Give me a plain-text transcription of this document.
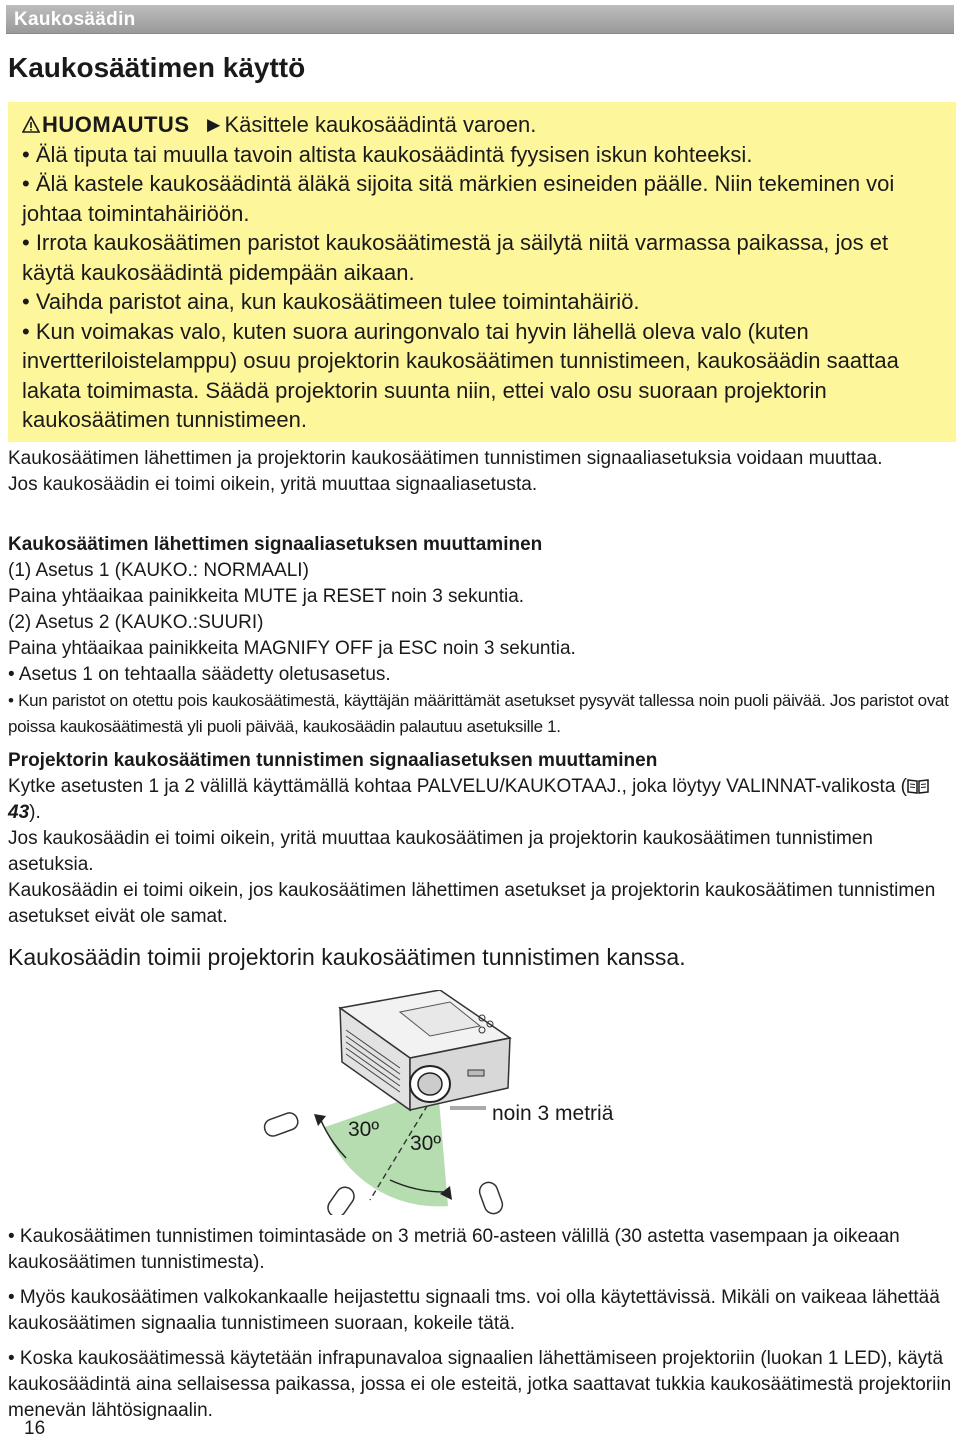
Kaukosäädin
Kaukosäätimen käyttö

HUOMAUTUS ►Käsittele kaukosäädintä varoen.

• Älä tiputa tai muulla tavoin altista kaukosäädintä fyysisen iskun kohteeksi.

• Älä kastele kaukosäädintä äläkä sijoita sitä märkien esineiden päälle. Niin tekeminen voi johtaa toimintahäiriöön.

• Irrota kaukosäätimen paristot kaukosäätimestä ja säilytä niitä varmassa paikassa, jos et käytä kaukosäädintä pidempään aikaan.

• Vaihda paristot aina, kun kaukosäätimeen tulee toimintahäiriö.

• Kun voimakas valo, kuten suora auringonvalo tai hyvin lähellä oleva valo (kuten invertteriloistelamppu) osuu projektorin kaukosäätimen tunnistimeen, kaukosäädin saattaa lakata toimimasta. Säädä projektorin suunta niin, ettei valo osu suoraan projektorin kaukosäätimen tunnistimeen.

Kaukosäätimen lähettimen ja projektorin kaukosäätimen tunnistimen signaaliasetuksia voidaan muuttaa.

Jos kaukosäädin ei toimi oikein, yritä muuttaa signaaliasetusta.

Kaukosäätimen lähettimen signaaliasetuksen muuttaminen

(1) Asetus 1 (KAUKO.: NORMAALI)

Paina yhtäaikaa painikkeita MUTE ja RESET noin 3 sekuntia.

(2) Asetus 2 (KAUKO.:SUURI)

Paina yhtäaikaa painikkeita MAGNIFY OFF ja ESC noin 3 sekuntia.

• Asetus 1 on tehtaalla säädetty oletusasetus.

• Kun paristot on otettu pois kaukosäätimestä, käyttäjän määrittämät asetukset pysyvät tallessa noin puoli päivää. Jos paristot ovat poissa kaukosäätimestä yli puoli päivää, kaukosäädin palautuu asetuksille 1.

Projektorin kaukosäätimen tunnistimen signaaliasetuksen muuttaminen

Kytke asetusten 1 ja 2 välillä käyttämällä kohtaa PALVELU/KAUKOTAAJ., joka löytyy VALINNAT-valikosta (43).

Jos kaukosäädin ei toimi oikein, yritä muuttaa kaukosäätimen ja projektorin kaukosäätimen tunnistimen asetuksia.

Kaukosäädin ei toimi oikein, jos kaukosäätimen lähettimen asetukset ja projektorin kaukosäätimen tunnistimen asetukset eivät ole samat.

Kaukosäädin toimii projektorin kaukosäätimen tunnistimen kanssa.
30º
30º
noin 3 metriä

• Kaukosäätimen tunnistimen toimintasäde on 3 metriä 60-asteen välillä (30 astetta vasempaan ja oikeaan kaukosäätimen tunnistimesta).

• Myös kaukosäätimen valkokankaalle heijastettu signaali tms. voi olla käytettävissä. Mikäli on vaikeaa lähettää kaukosäätimen signaalia tunnistimeen suoraan, kokeile tätä.

• Koska kaukosäätimessä käytetään infrapunavaloa signaalien lähettämiseen projektoriin (luokan 1 LED), käytä kaukosäädintä aina sellaisessa paikassa, jossa ei ole esteitä, jotka saattavat tukkia kaukosäätimestä projektoriin menevän lähtösignaalin.

16
